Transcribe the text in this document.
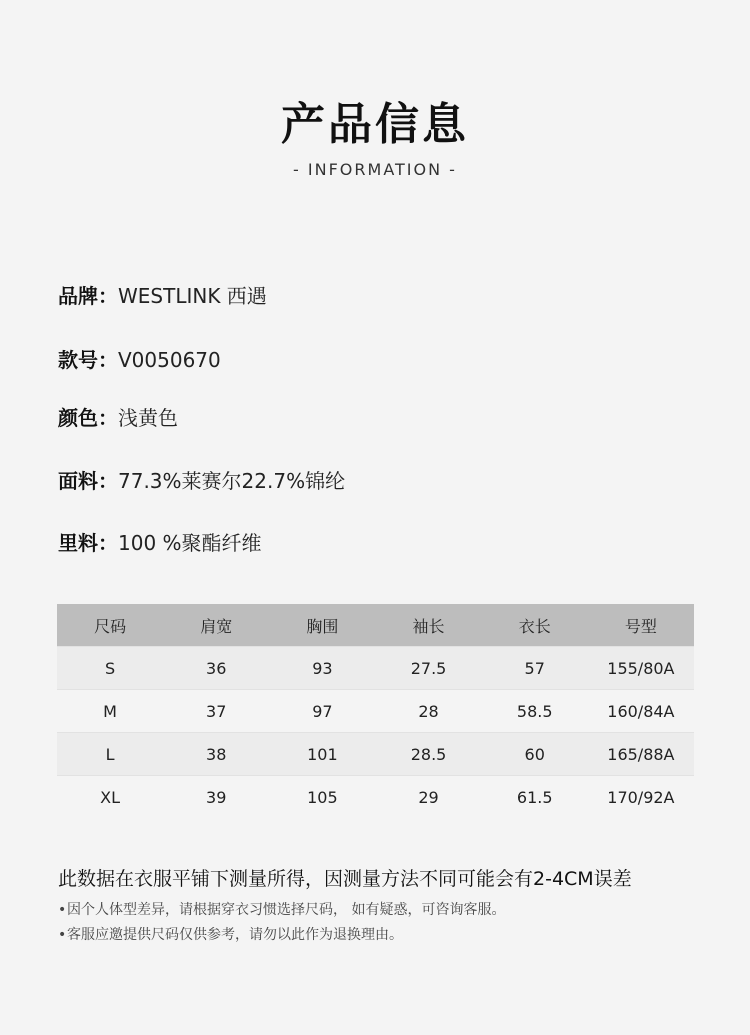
产品信息
- INFORMATION -
品牌：WESTLINK 西遇
款号：V0050670
颜色：浅黄色
面料：77.3%莱赛尔22.7%锦纶
里料：100 %聚酯纤维
尺码	肩宽	胸围	袖长	衣长	号型
S	36	93	27.5	57	155/80A
M	37	97	28	58.5	160/84A
L	38	101	28.5	60	165/88A
XL	39	105	29	61.5	170/92A
此数据在衣服平铺下测量所得，因测量方法不同可能会有2-4CM误差
•因个人体型差异，请根据穿衣习惯选择尺码， 如有疑惑，可咨询客服。
•客服应邀提供尺码仅供参考，请勿以此作为退换理由。
